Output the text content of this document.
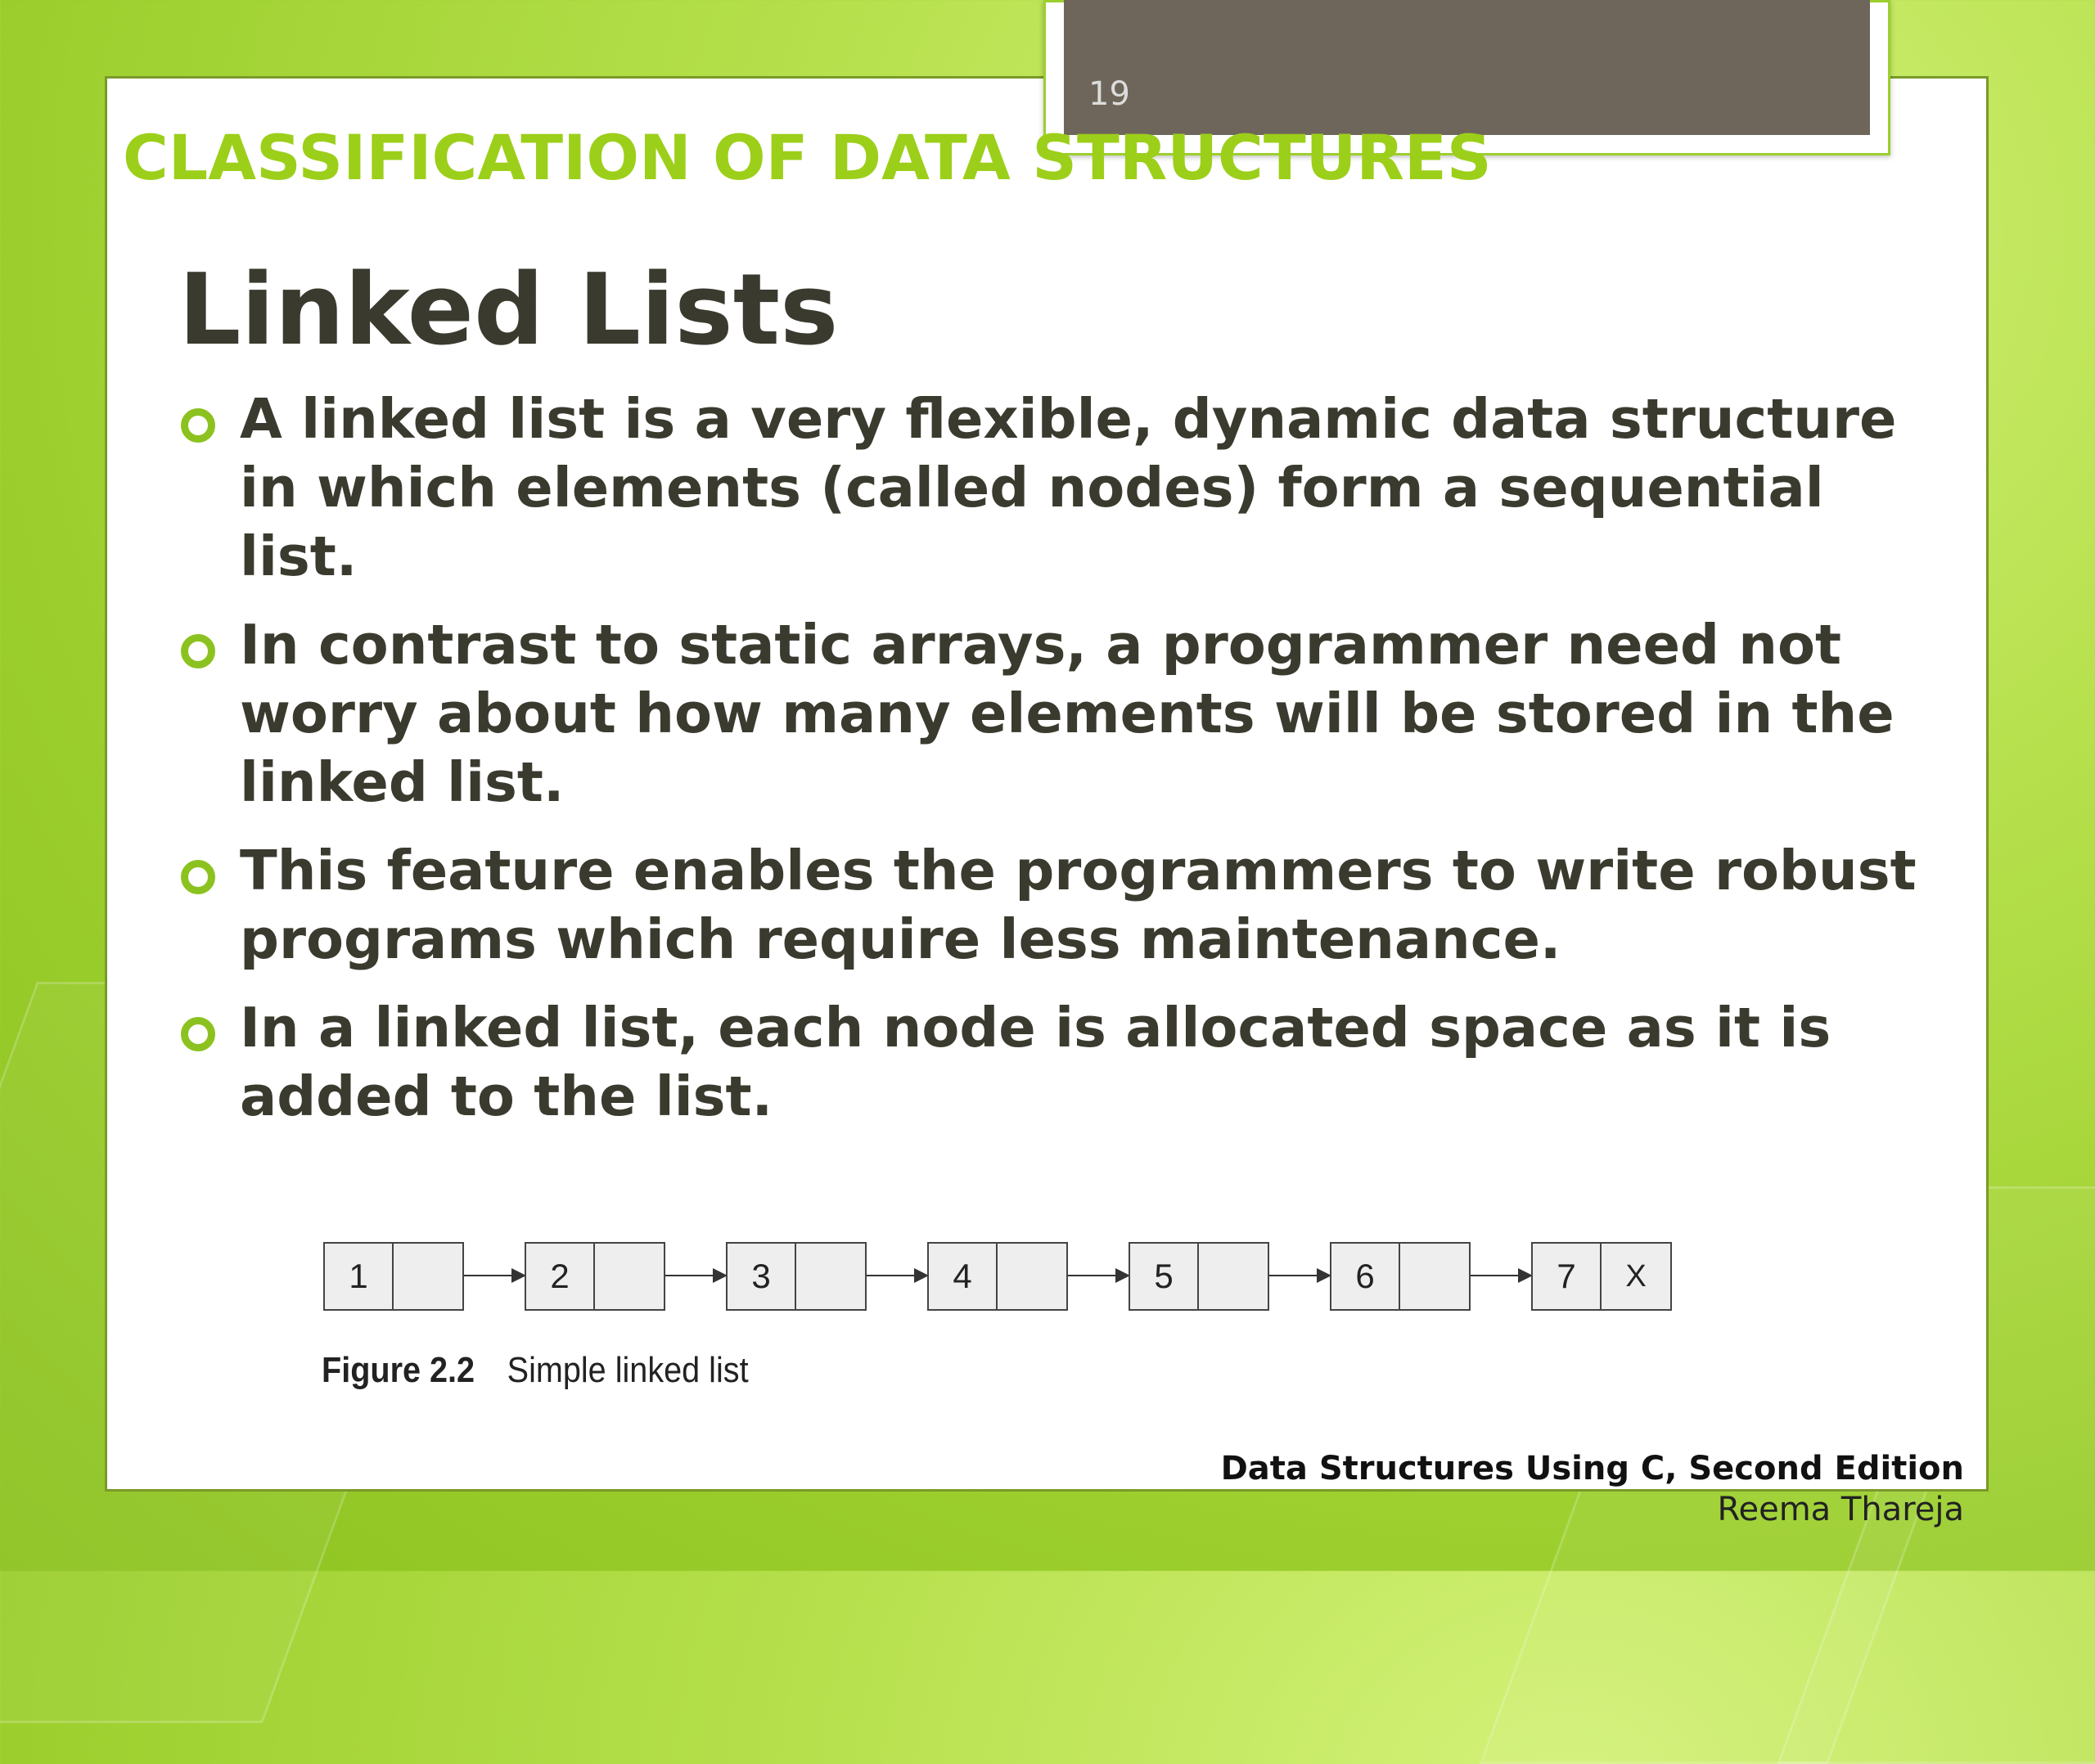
19
CLASSIFICATION OF DATA STRUCTURES
Linked Lists
A linked list is a very flexible, dynamic data structure in which elements (called nodes) form a sequential list.
In contrast to static arrays, a programmer need not worry about how many elements will be stored in the linked list.
This feature enables the programmers to write robust programs which require less maintenance.
In a linked list, each node is allocated space as it is added to the list.
1	2	3	4	5	6	7	X
Figure 2.2 Simple linked list
Data Structures Using C, Second Edition
Reema Thareja
